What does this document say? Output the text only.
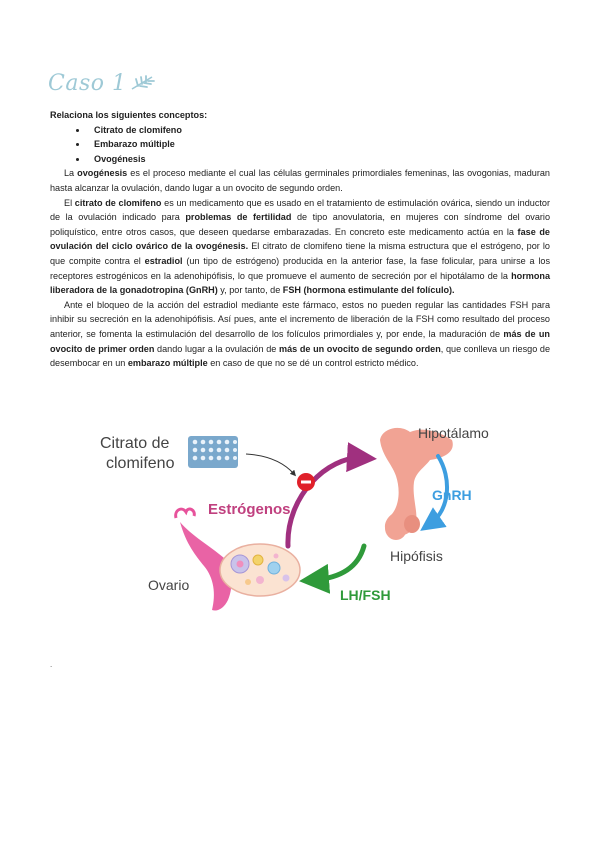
Caso 1

Relaciona los siguientes conceptos:

• Citrato de clomifeno
• Embarazo múltiple
• Ovogénesis

La ovogénesis es el proceso mediante el cual las células germinales primordiales femeninas, las ovogonias, maduran hasta alcanzar la ovulación, dando lugar a un ovocito de segundo orden.

El citrato de clomifeno es un medicamento que es usado en el tratamiento de estimulación ovárica, siendo un inductor de la ovulación indicado para problemas de fertilidad de tipo anovulatoria, en mujeres con síndrome del ovario poliquístico, entre otros casos, que deseen quedarse embarazadas. En concreto este medicamento actúa en la fase de ovulación del ciclo ovárico de la ovogénesis. El citrato de clomifeno tiene la misma estructura que el estrógeno, por lo que compite contra el estradiol (un tipo de estrógeno) producida en la anterior fase, la fase folicular, para unirse a los receptores estrogénicos en la adenohipófisis, lo que promueve el aumento de secreción por el hipotálamo de la hormona liberadora de la gonadotropina (GnRH) y, por tanto, de FSH (hormona estimulante del folículo).

Ante el bloqueo de la acción del estradiol mediante este fármaco, estos no pueden regular las cantidades FSH para inhibir su secreción en la adenohipófisis. Así pues, ante el incremento de liberación de la FSH como resultado del proceso anterior, se fomenta la estimulación del desarrollo de los folículos primordiales y, por ende, la maduración de más de un ovocito de primer orden dando lugar a la ovulación de más de un ovocito de segundo orden, que conlleva un riesgo de desembocar en un embarazo múltiple en caso de que no se dé un control estricto médico.

Citrato de
clomifeno
Estrógenos
Hipotálamo
GnRH
Hipófisis
LH/FSH
Ovario
.
